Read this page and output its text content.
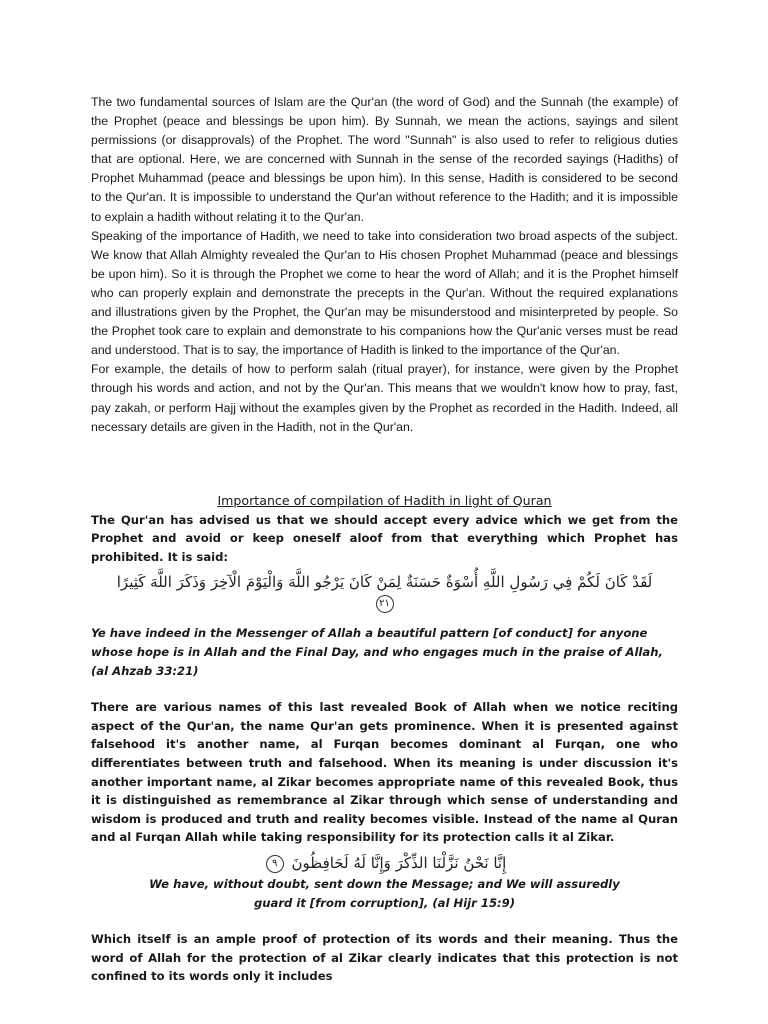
The two fundamental sources of Islam are the Qur'an (the word of God) and the Sunnah (the example) of the Prophet (peace and blessings be upon him). By Sunnah, we mean the actions, sayings and silent permissions (or disapprovals) of the Prophet. The word "Sunnah" is also used to refer to religious duties that are optional. Here, we are concerned with Sunnah in the sense of the recorded sayings (Hadiths) of Prophet Muhammad (peace and blessings be upon him). In this sense, Hadith is considered to be second to the Qur'an. It is impossible to understand the Qur'an without reference to the Hadith; and it is impossible to explain a hadith without relating it to the Qur'an.

Speaking of the importance of Hadith, we need to take into consideration two broad aspects of the subject. We know that Allah Almighty revealed the Qur'an to His chosen Prophet Muhammad (peace and blessings be upon him). So it is through the Prophet we come to hear the word of Allah; and it is the Prophet himself who can properly explain and demonstrate the precepts in the Qur'an. Without the required explanations and illustrations given by the Prophet, the Qur'an may be misunderstood and misinterpreted by people. So the Prophet took care to explain and demonstrate to his companions how the Qur'anic verses must be read and understood. That is to say, the importance of Hadith is linked to the importance of the Qur'an.

For example, the details of how to perform salah (ritual prayer), for instance, were given by the Prophet through his words and action, and not by the Qur'an. This means that we wouldn't know how to pray, fast, pay zakah, or perform Hajj without the examples given by the Prophet as recorded in the Hadith. Indeed, all necessary details are given in the Hadith, not in the Qur'an.

Importance of compilation of Hadith in light of Quran

The Qur'an has advised us that we should accept every advice which we get from the Prophet and avoid or keep oneself aloof from that everything which Prophet has prohibited. It is said:

لَقَدْ كَانَ لَكُمْ فِي رَسُولِ اللَّهِ أُسْوَةٌ حَسَنَةٌ لِمَنْ كَانَ يَرْجُو اللَّهَ وَالْيَوْمَ الْآخِرَ وَذَكَرَ اللَّهَ كَثِيرًا

٢١

Ye have indeed in the Messenger of Allah a beautiful pattern [of conduct] for anyone whose hope is in Allah and the Final Day, and who engages much in the praise of Allah, (al Ahzab 33:21)

There are various names of this last revealed Book of Allah when we notice reciting aspect of the Qur'an, the name Qur'an gets prominence. When it is presented against falsehood it's another name, al Furqan becomes dominant al Furqan, one who differentiates between truth and falsehood. When its meaning is under discussion it's another important name, al Zikar becomes appropriate name of this revealed Book, thus it is distinguished as remembrance al Zikar through which sense of understanding and wisdom is produced and truth and reality becomes visible. Instead of the name al Quran and al Furqan Allah while taking responsibility for its protection calls it al Zikar.

إِنَّا نَحْنُ نَزَّلْنَا الذِّكْرَ وَإِنَّا لَهُ لَحَافِظُونَ ٩

We have, without doubt, sent down the Message; and We will assuredly

guard it [from corruption], (al Hijr 15:9)

Which itself is an ample proof of protection of its words and their meaning. Thus the word of Allah for the protection of al Zikar clearly indicates that this protection is not confined to its words only it includes
